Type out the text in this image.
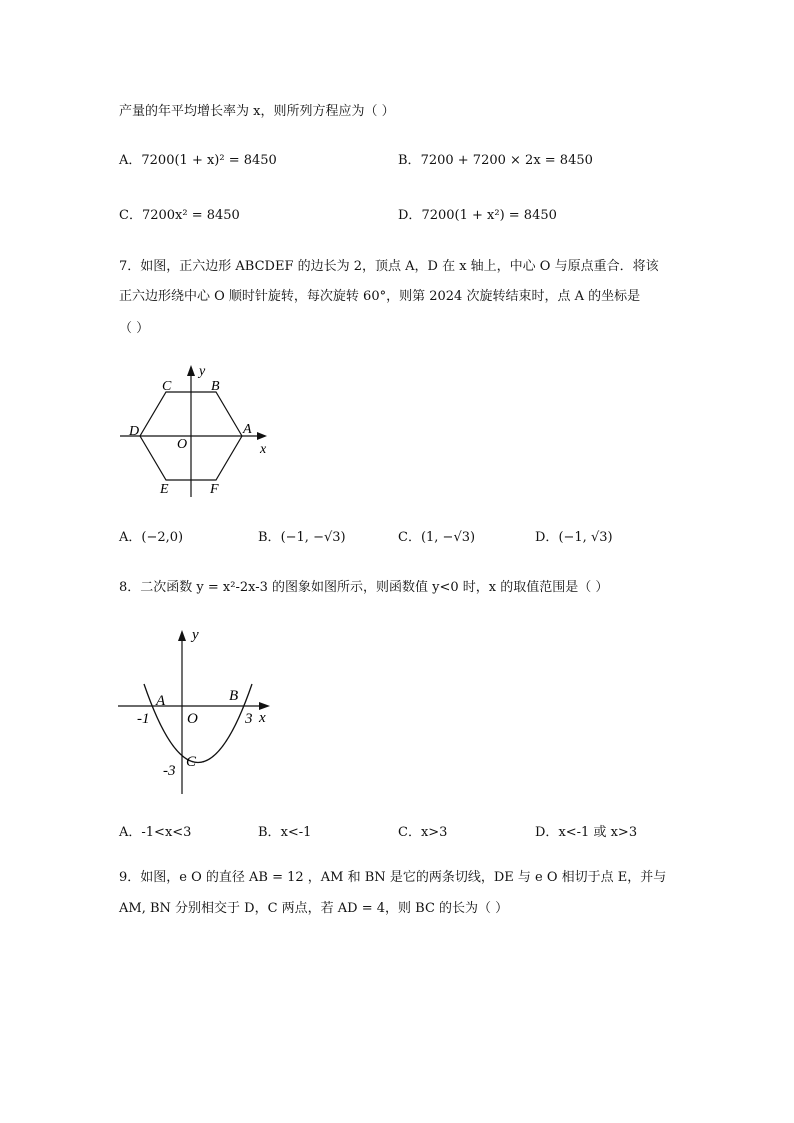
产量的年平均增长率为 x，则所列方程应为（ ）
A．7200(1 + x)² = 8450	B．7200 + 7200 × 2x = 8450
C．7200x² = 8450	D．7200(1 + x²) = 8450
7．如图，正六边形 ABCDEF 的边长为 2，顶点 A，D 在 x 轴上，中心 O 与原点重合．将该
正六边形绕中心 O 顺时针旋转，每次旋转 60°，则第 2024 次旋转结束时，点 A 的坐标是
（ ）
C	B
D	A
O
E	F
x
y
A．(−2,0)	B．(−1, −√3)	C．(1, −√3)	D．(−1, √3)
8．二次函数 y = x²-2x-3 的图象如图所示，则函数值 y<0 时，x 的取值范围是（ ）
A	B
O
C
x
y
-1	3
-3
A．-1<x<3	B．x<-1	C．x>3	D．x<-1 或 x>3
9．如图，e O 的直径 AB = 12 ，AM 和 BN 是它的两条切线，DE 与 e O 相切于点 E，并与
AM, BN 分别相交于 D，C 两点，若 AD = 4，则 BC 的长为（ ）
